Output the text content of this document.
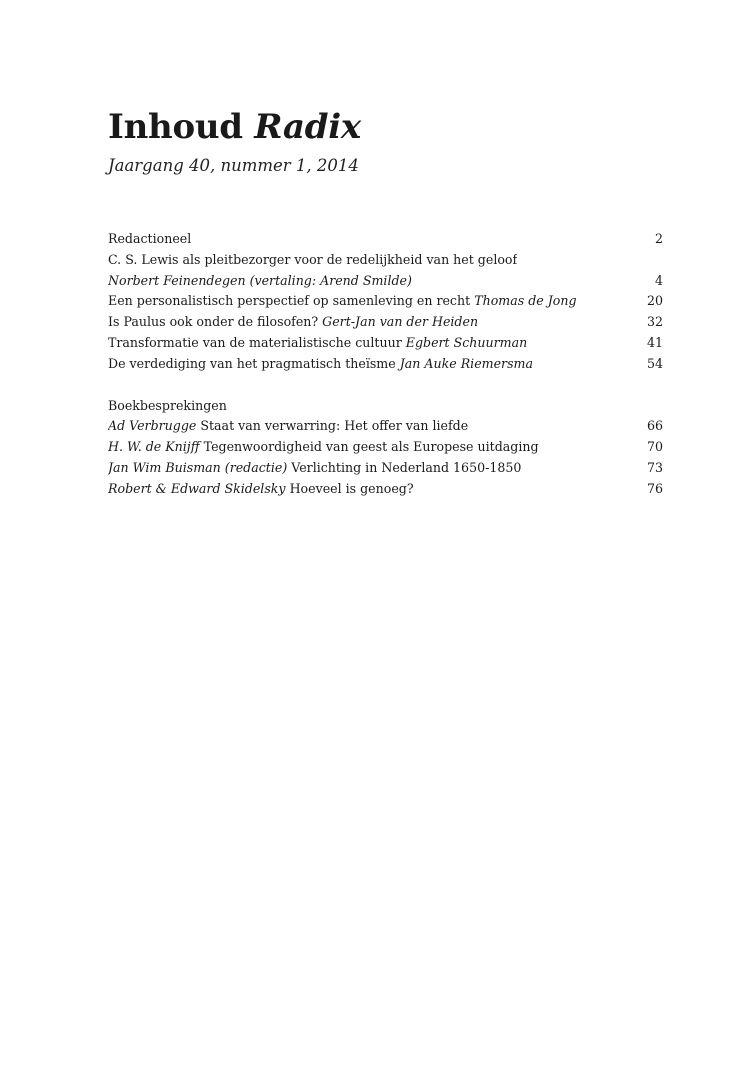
Inhoud Radix

Jaargang 40, nummer 1, 2014

Redactioneel	2
C. S. Lewis als pleitbezorger voor de redelijkheid van het geloof
Norbert Feinendegen (vertaling: Arend Smilde)	4
Een personalistisch perspectief op samenleving en recht Thomas de Jong	20
Is Paulus ook onder de filosofen? Gert-Jan van der Heiden	32
Transformatie van de materialistische cultuur Egbert Schuurman	41
De verdediging van het pragmatisch theïsme Jan Auke Riemersma	54
Boekbesprekingen
Ad Verbrugge Staat van verwarring: Het offer van liefde	66
H. W. de Knijff Tegenwoordigheid van geest als Europese uitdaging	70
Jan Wim Buisman (redactie) Verlichting in Nederland 1650-1850	73
Robert & Edward Skidelsky Hoeveel is genoeg?	76
